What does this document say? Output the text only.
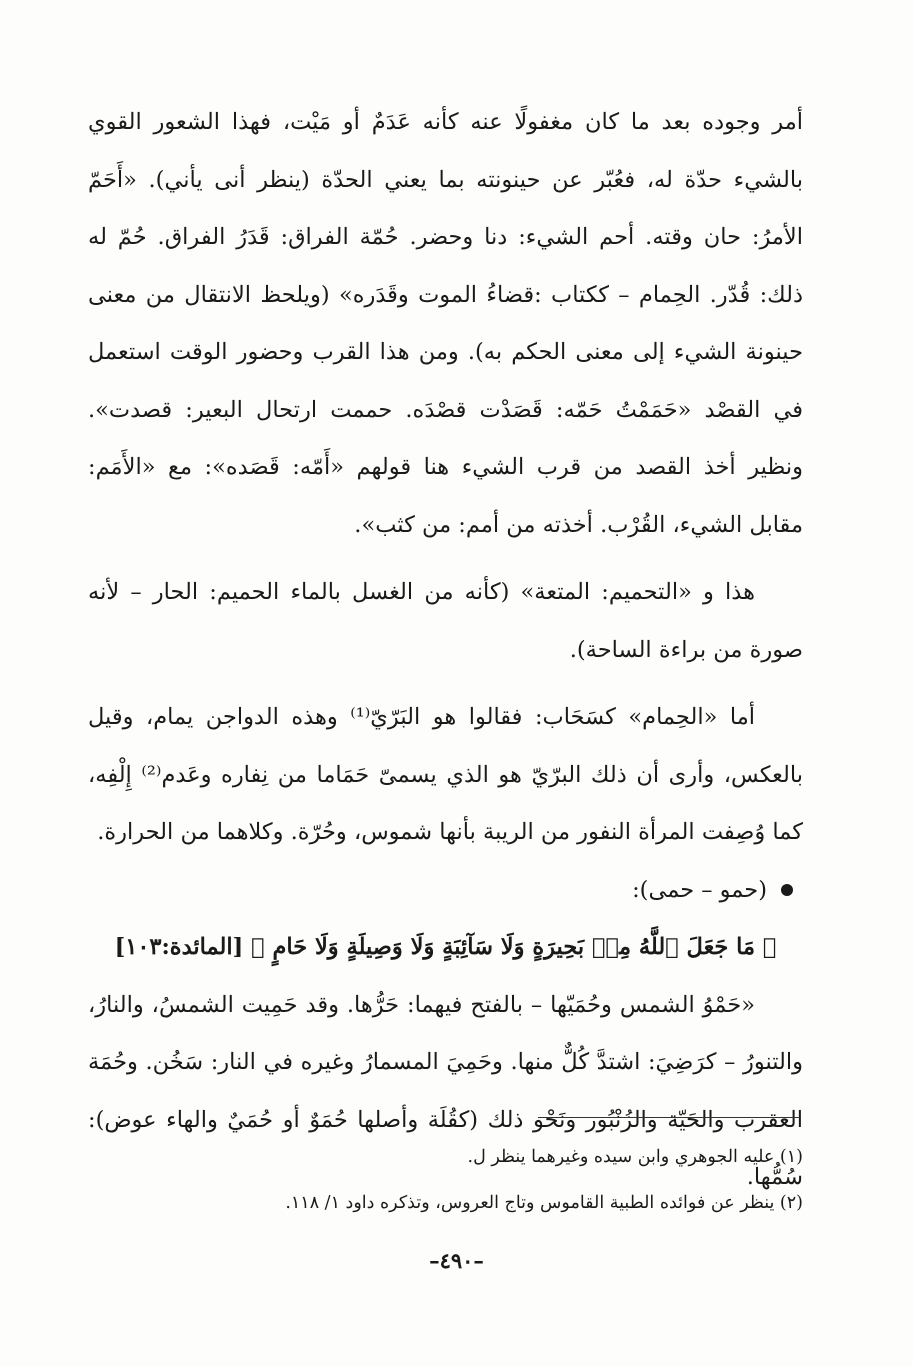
أمر وجوده بعد ما كان مغفولًا عنه كأنه عَدَمٌ أو مَيْت، فهذا الشعور القوي بالشيء حدّة له، فعُبّر عن حينونته بما يعني الحدّة (ينظر أنى يأني). «أَحَمّ الأمرُ: حان وقته. أحم الشيء: دنا وحضر. حُمّة الفراق: قَدَرُ الفراق. حُمّ له ذلك: قُدّر. الحِمام – ككتاب :قضاءُ الموت وقَدَره» (ويلحظ الانتقال من معنى حينونة الشيء إلى معنى الحكم به). ومن هذا القرب وحضور الوقت استعمل في القصْد «حَمَمْتُ حَمّه: قَصَدْت قصْدَه. حممت ارتحال البعير: قصدت». ونظير أخذ القصد من قرب الشيء هنا قولهم «أَمّه: قَصَده»: مع «الأَمَم: مقابل الشيء، القُرْب. أخذته من أمم: من كثب».

هذا و «التحميم: المتعة» (كأنه من الغسل بالماء الحميم: الحار – لأنه صورة من براءة الساحة).

أما «الحِمام» كسَحَاب: فقالوا هو البَرّيّ⁽¹⁾ وهذه الدواجن يمام، وقيل بالعكس، وأرى أن ذلك البرّيّ هو الذي يسمىّ حَمَاما من نِفاره وعَدم⁽²⁾ إِلْفِه، كما وُصِفت المرأة النفور من الريبة بأنها شموس، وحُرّة. وكلاهما من الحرارة.

(حمو – حمى):

﴿ مَا جَعَلَ ٱللَّهُ مِنۢ بَحِيرَةٍ وَلَا سَآئِبَةٍ وَلَا وَصِيلَةٍ وَلَا حَامٍ ﴾ [المائدة:١٠٣]

«حَمْوُ الشمس وحُمَيّها – بالفتح فيهما: حَرُّها. وقد حَمِيت الشمسُ، والنارُ، والتنورُ – كرَضِيَ: اشتدَّ كُلٌّ منها. وحَمِيَ المسمارُ وغيره في النار: سَخُن. وحُمَة العقرب والحَيّة والزُنْبُور ونَحْو ذلك (كقُلَة وأصلها حُمَوٌ أو حُمَيٌ والهاء عوض): سُمُّها.

(١) عليه الجوهري وابن سيده وغيرهما ينظر ل.

(٢) ينظر عن فوائده الطبية القاموس وتاج العروس، وتذكره داود ١/ ١١٨.

–٤٩٠–
